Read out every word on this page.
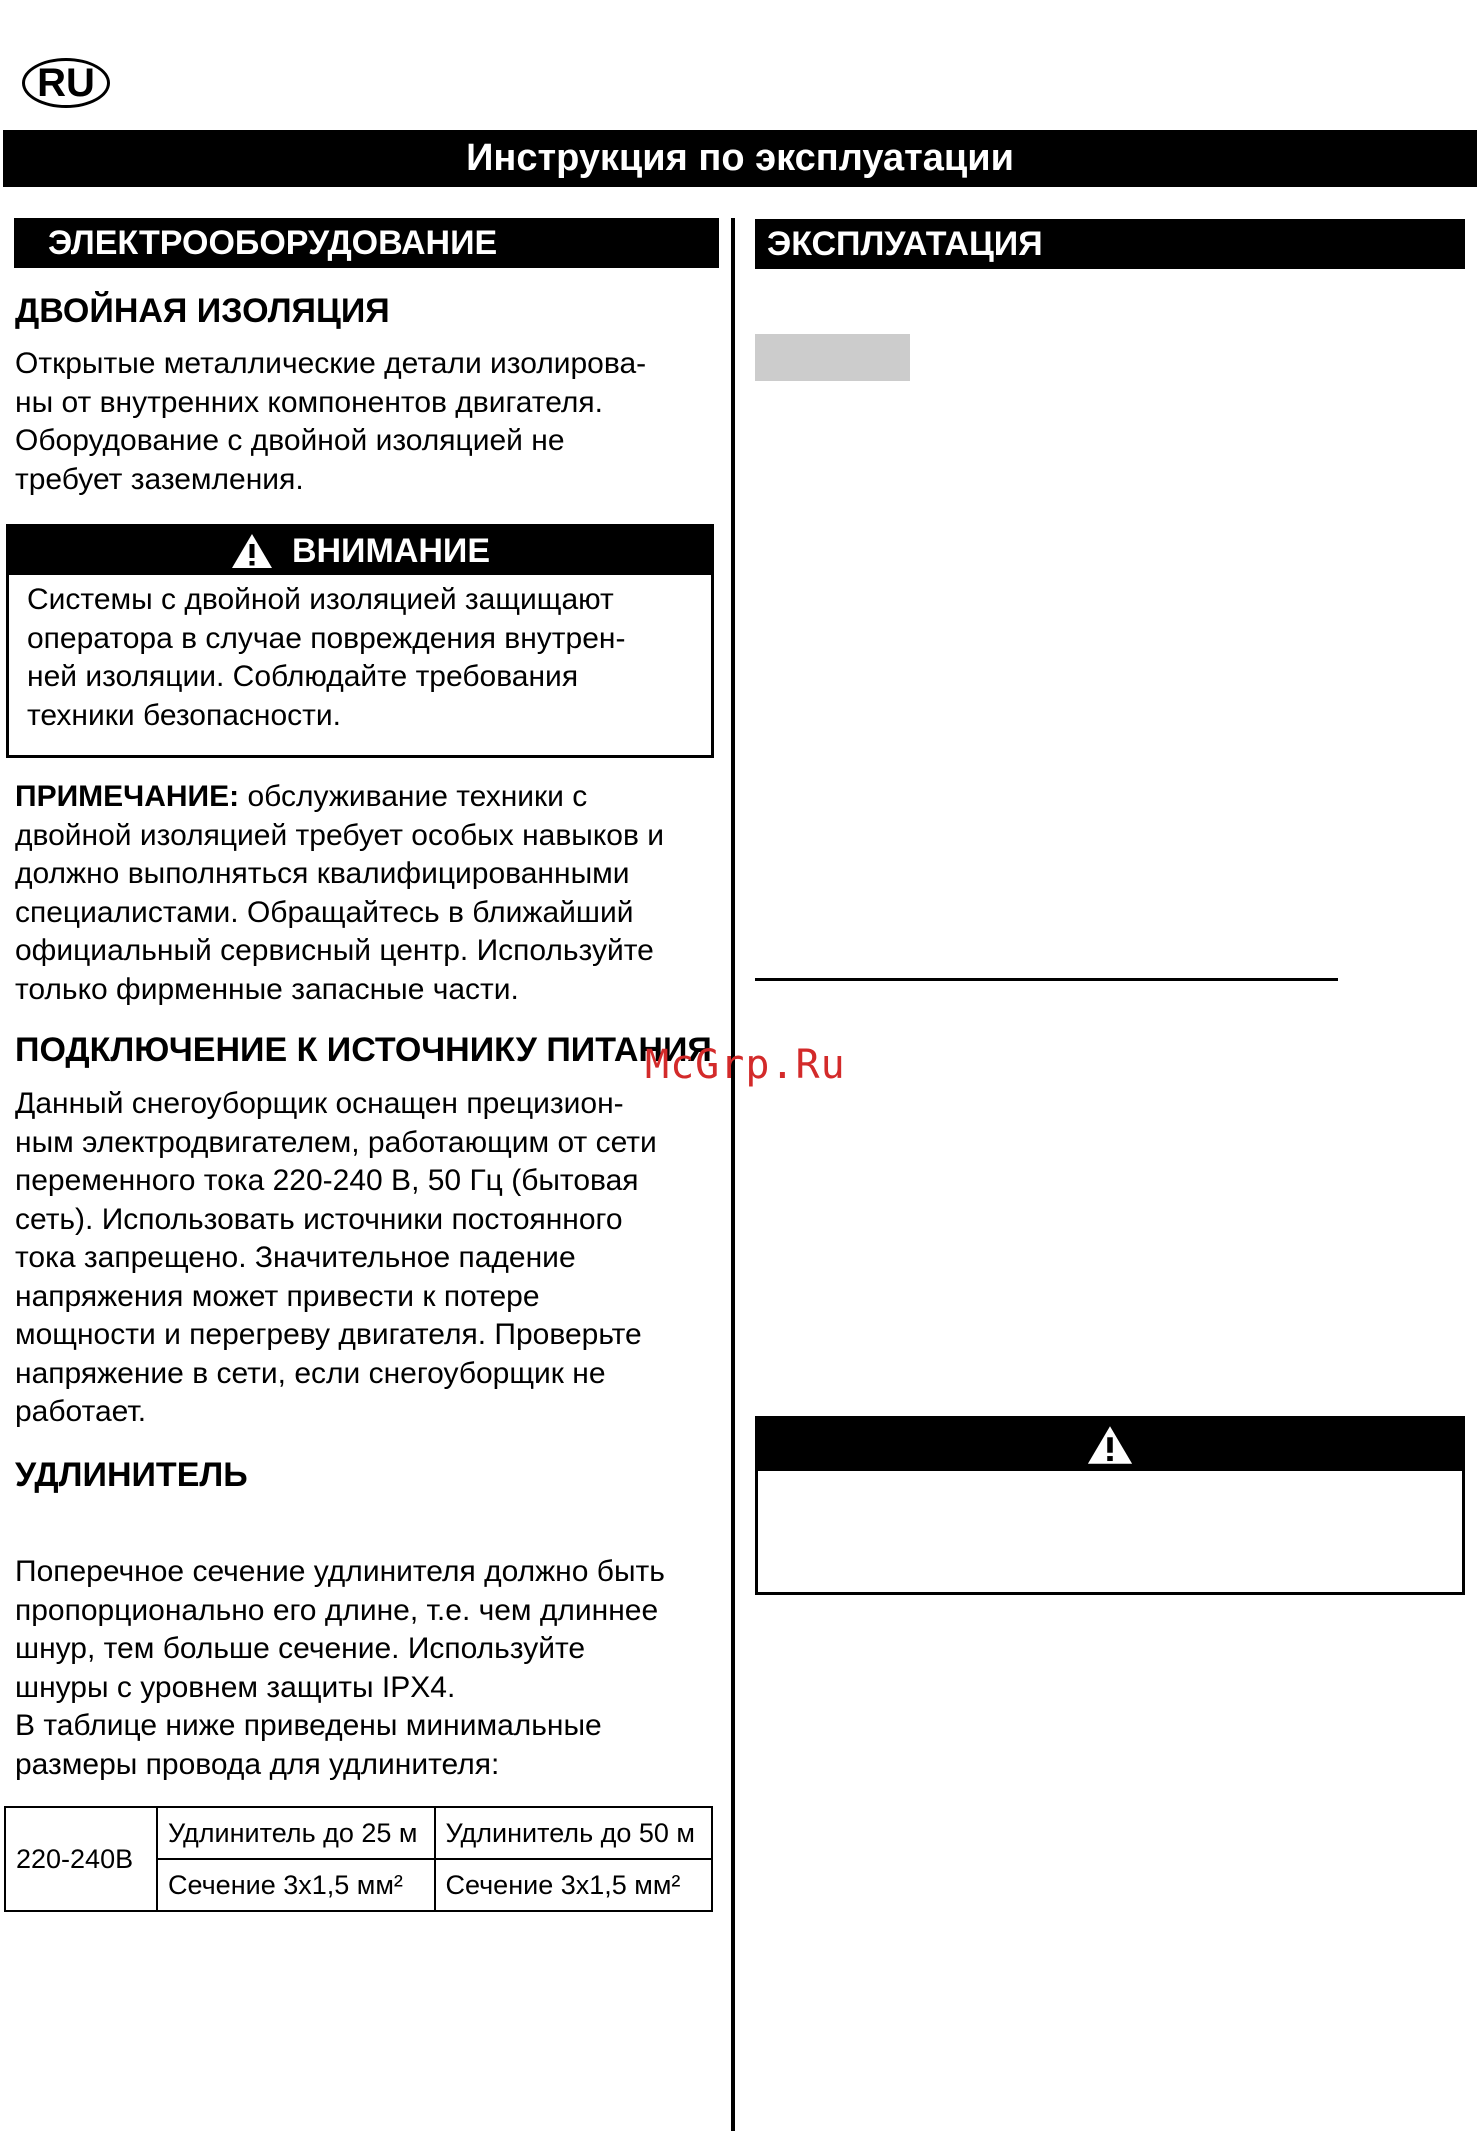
RU
Инструкция по эксплуатации
ЭЛЕКТРООБОРУДОВАНИЕ
ДВОЙНАЯ ИЗОЛЯЦИЯ
Открытые металлические детали изолирова-
ны от внутренних компонентов двигателя.
Оборудование с двойной изоляцией не
требует заземления.
ВНИМАНИЕ
Системы с двойной изоляцией защищают
оператора в случае повреждения внутрен-
ней изоляции. Соблюдайте требования
техники безопасности.
ПРИМЕЧАНИЕ: обслуживание техники с
двойной изоляцией требует особых навыков и
должно выполняться квалифицированными
специалистами. Обращайтесь в ближайший
официальный сервисный центр. Используйте
только фирменные запасные части.
ПОДКЛЮЧЕНИЕ К ИСТОЧНИКУ ПИТАНИЯ
Данный снегоуборщик оснащен прецизион-
ным электродвигателем, работающим от сети
переменного тока 220-240 В, 50 Гц (бытовая
сеть). Использовать источники постоянного
тока запрещено. Значительное падение
напряжения может привести к потере
мощности и перегреву двигателя. Проверьте
напряжение в сети, если снегоуборщик не
работает.
УДЛИНИТЕЛЬ
Поперечное сечение удлинителя должно быть
пропорционально его длине, т.е. чем длиннее
шнур, тем больше сечение. Используйте
шнуры с уровнем защиты IPX4.
В таблице ниже приведены минимальные
размеры провода для удлинителя:
220-240В	Удлинитель до 25 м	Удлинитель до 50 м
	Сечение 3х1,5 мм²	Сечение 3х1,5 мм²
ЭКСПЛУАТАЦИЯ
McGrp.Ru
